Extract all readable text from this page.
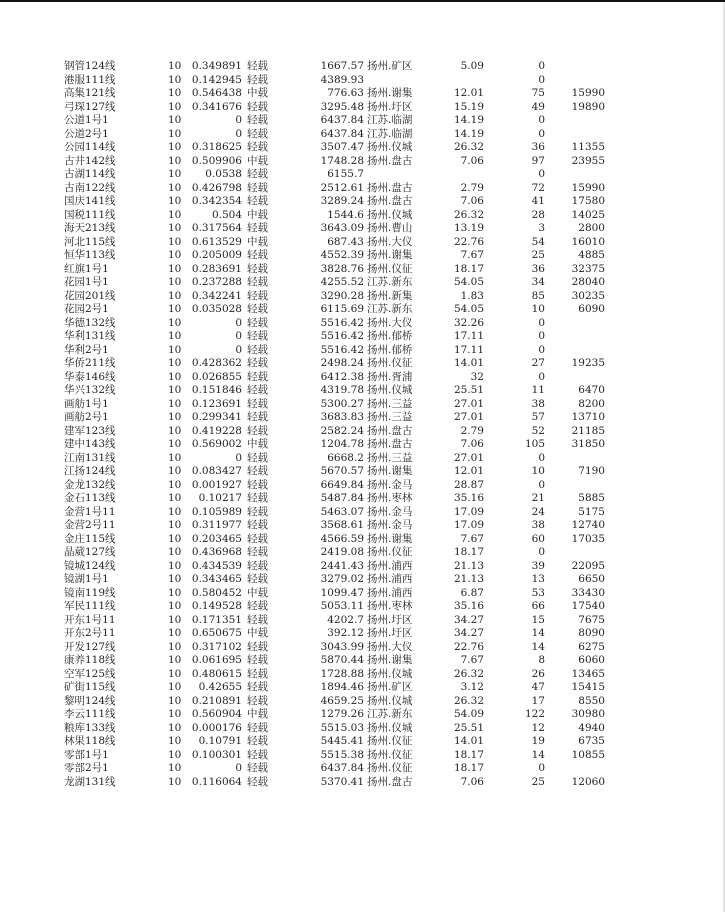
钢管124线	10	0.349891 轻载	1667.57 扬州.矿区	5.09	0
港服111线	10	0.142945 轻载	4389.93	0
高集121线	10	0.546438 中载	776.63 扬州.谢集	12.01	75	15990
弓琛127线	10	0.341676 轻载	3295.48 扬州.圩区	15.19	49	19890
公道1号1	10	0 轻载	6437.84 江苏.临湖	14.19	0
公道2号1	10	0 轻载	6437.84 江苏.临湖	14.19	0
公园114线	10	0.318625 轻载	3507.47 扬州.仪城	26.32	36	11355
古井142线	10	0.509906 中载	1748.28 扬州.盘古	7.06	97	23955
古湖114线	10	0.0538 轻载	6155.7	0
古南122线	10	0.426798 轻载	2512.61 扬州.盘古	2.79	72	15990
国庆141线	10	0.342354 轻载	3289.24 扬州.盘古	7.06	41	17580
国税111线	10	0.504 中载	1544.6 扬州.仪城	26.32	28	14025
海天213线	10	0.317564 轻载	3643.09 扬州.曹山	13.19	3	2800
河北115线	10	0.613529 中载	687.43 扬州.大仪	22.76	54	16010
恒华113线	10	0.205009 轻载	4552.39 扬州.谢集	7.67	25	4885
红旗1号1	10	0.283691 轻载	3828.76 扬州.仪征	18.17	36	32375
花园1号1	10	0.237288 轻载	4255.52 江苏.新东	54.05	34	28040
花园201线	10	0.342241 轻载	3290.28 扬州.新集	1.83	85	30235
花园2号1	10	0.035028 轻载	6115.69 江苏.新东	54.05	10	6090
华德132线	10	0 轻载	5516.42 扬州.大仪	32.26	0
华利131线	10	0 轻载	5516.42 扬州.郁桥	17.11	0
华利2号1	10	0 轻载	5516.42 扬州.郁桥	17.11	0
华侨211线	10	0.428362 轻载	2498.24 扬州.仪征	14.01	27	19235
华泰146线	10	0.026855 轻载	6412.38 扬州.胥浦	32	0
华兴132线	10	0.151846 轻载	4319.78 扬州.仪城	25.51	11	6470
画舫1号1	10	0.123691 轻载	5300.27 扬州.三益	27.01	38	8200
画舫2号1	10	0.299341 轻载	3683.83 扬州.三益	27.01	57	13710
建军123线	10	0.419228 轻载	2582.24 扬州.盘古	2.79	52	21185
建中143线	10	0.569002 中载	1204.78 扬州.盘古	7.06	105	31850
江南131线	10	0 轻载	6668.2 扬州.三益	27.01	0
江扬124线	10	0.083427 轻载	5670.57 扬州.谢集	12.01	10	7190
金龙132线	10	0.001927 轻载	6649.84 扬州.金马	28.87	0
金石113线	10	0.10217 轻载	5487.84 扬州.枣林	35.16	21	5885
金营1号11	10	0.105989 轻载	5463.07 扬州.金马	17.09	24	5175
金营2号11	10	0.311977 轻载	3568.61 扬州.金马	17.09	38	12740
金庄115线	10	0.203465 轻载	4566.59 扬州.谢集	7.67	60	17035
晶葳127线	10	0.436968 轻载	2419.08 扬州.仪征	18.17	0
镜城124线	10	0.434539 轻载	2441.43 扬州.浦西	21.13	39	22095
镜湖1号1	10	0.343465 轻载	3279.02 扬州.浦西	21.13	13	6650
镜南119线	10	0.580452 中载	1099.47 扬州.浦西	6.87	53	33430
军民111线	10	0.149528 轻载	5053.11 扬州.枣林	35.16	66	17540
开东1号11	10	0.171351 轻载	4202.7 扬州.圩区	34.27	15	7675
开东2号11	10	0.650675 中载	392.12 扬州.圩区	34.27	14	8090
开发127线	10	0.317102 轻载	3043.99 扬州.大仪	22.76	14	6275
康养118线	10	0.061695 轻载	5870.44 扬州.谢集	7.67	8	6060
空军125线	10	0.480615 轻载	1728.88 扬州.仪城	26.32	26	13465
矿街115线	10	0.42655 轻载	1894.46 扬州.矿区	3.12	47	15415
黎明124线	10	0.210891 轻载	4659.25 扬州.仪城	26.32	17	8550
李云111线	10	0.560904 中载	1279.26 江苏.新东	54.09	122	30980
粮库133线	10	0.000176 轻载	5515.03 扬州.仪城	25.51	12	4940
林果118线	10	0.10791 轻载	5445.41 扬州.仪征	14.01	19	6735
零部1号1	10	0.100301 轻载	5515.38 扬州.仪征	18.17	14	10855
零部2号1	10	0 轻载	6437.84 扬州.仪征	18.17	0
龙湖131线	10	0.116064 轻载	5370.41 扬州.盘古	7.06	25	12060
